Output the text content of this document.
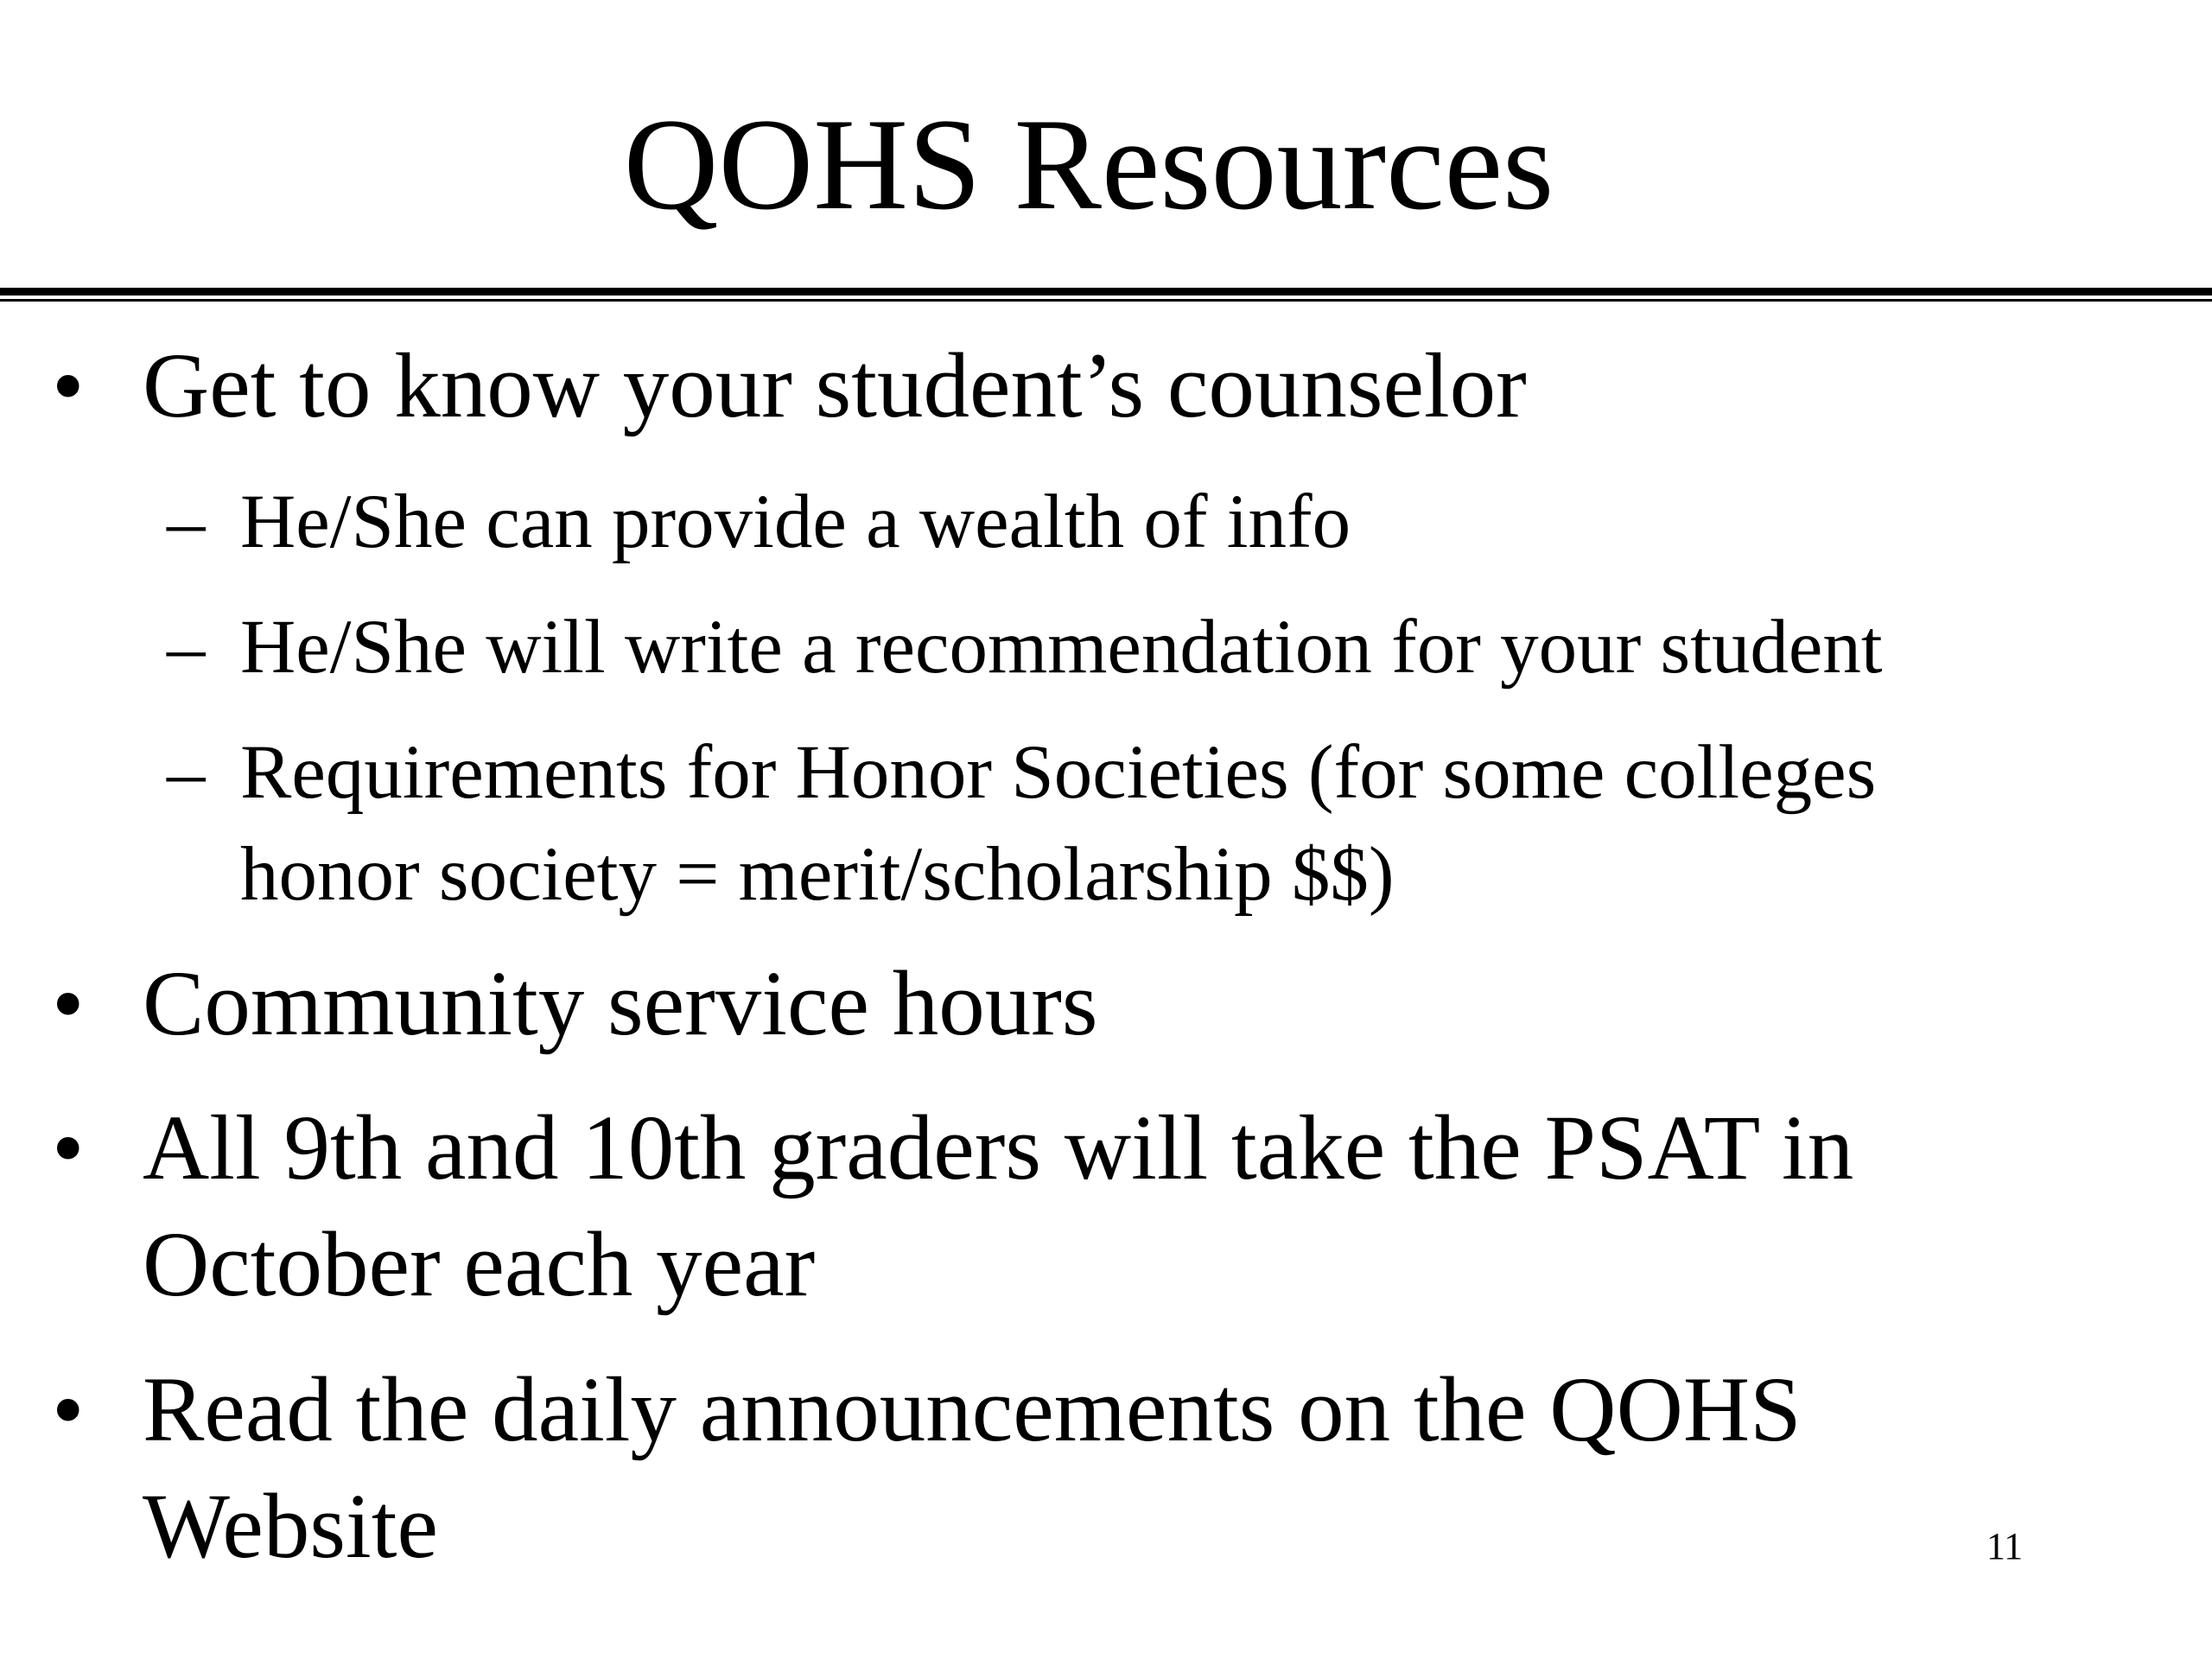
QOHS Resources
• Get to know your student’s counselor
– He/She can provide a wealth of info
– He/She will write a recommendation for your student
– Requirements for Honor Societies (for some colleges
honor society = merit/scholarship $$)
• Community service hours
• All 9th and 10th graders will take the PSAT in
October each year
• Read the daily announcements on the QOHS
Website	11
